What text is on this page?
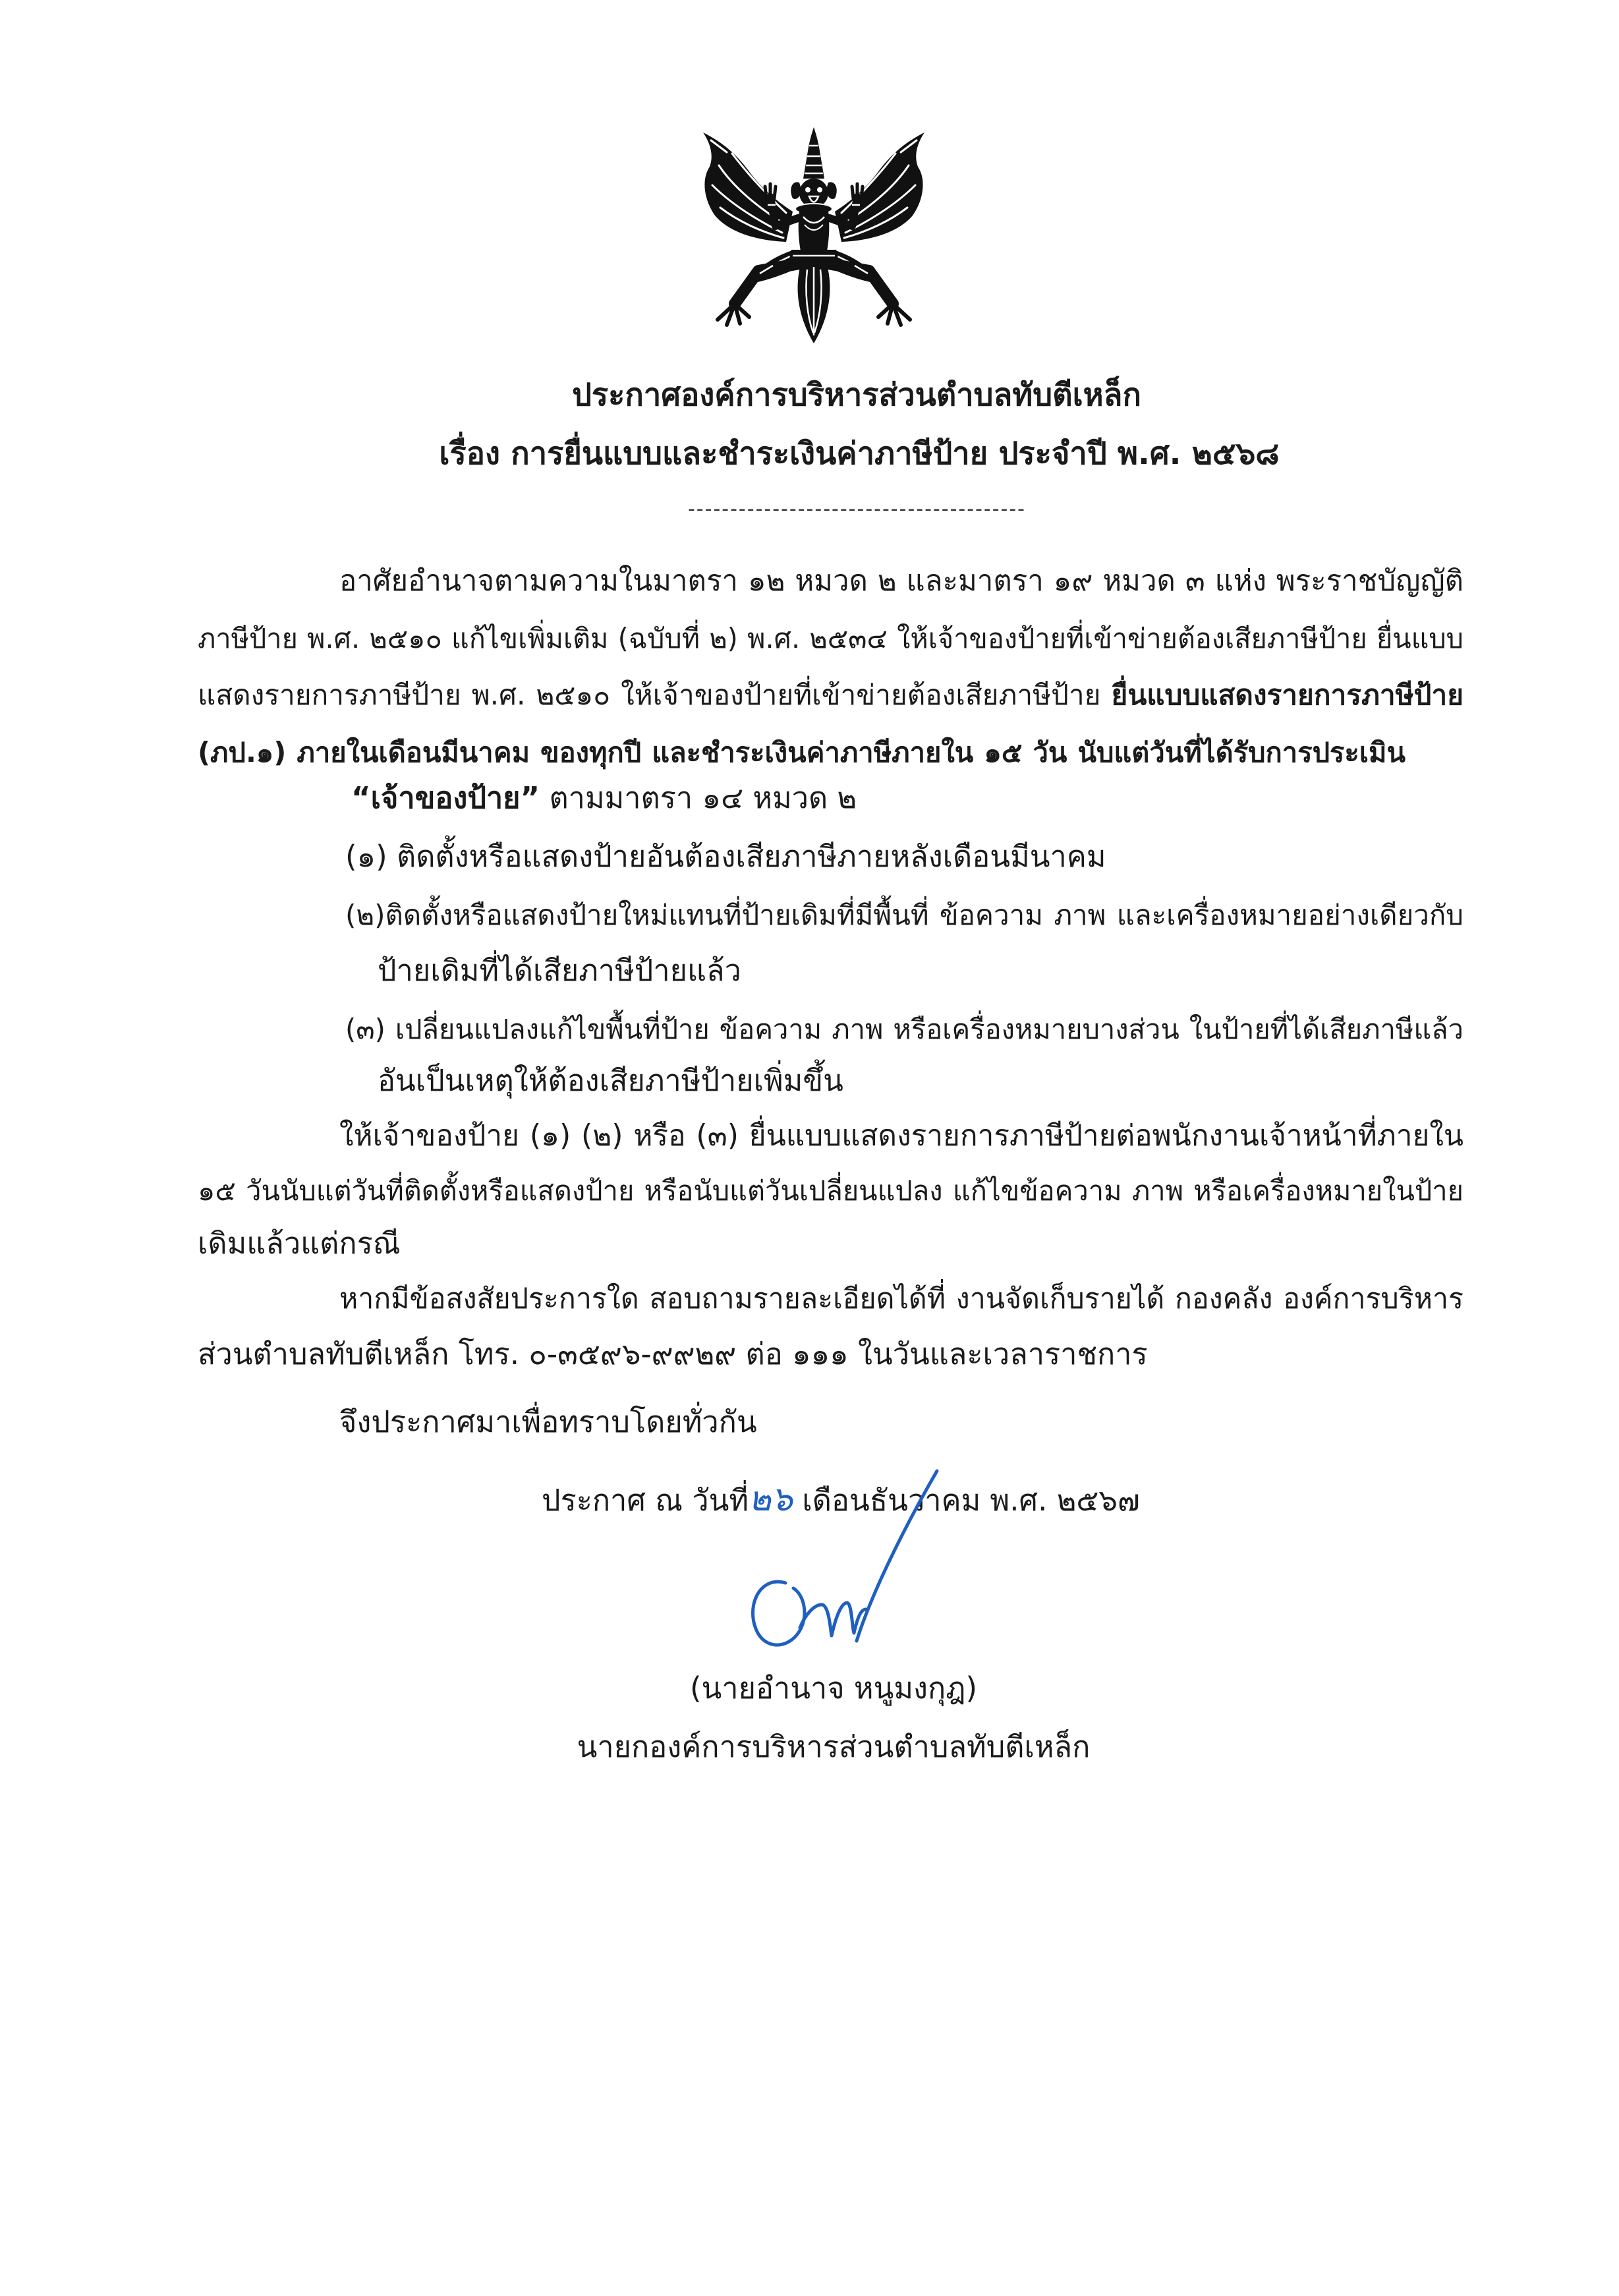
ประกาศองค์การบริหารส่วนตำบลทับตีเหล็ก
เรื่อง การยื่นแบบและชำระเงินค่าภาษีป้าย ประจำปี พ.ศ. ๒๕๖๘
----------------------------------------
อาศัยอำนาจตามความในมาตรา ๑๒ หมวด ๒ และมาตรา ๑๙ หมวด ๓ แห่ง พระราชบัญญัติ
ภาษีป้าย พ.ศ. ๒๕๑๐ แก้ไขเพิ่มเติม (ฉบับที่ ๒) พ.ศ. ๒๕๓๔ ให้เจ้าของป้ายที่เข้าข่ายต้องเสียภาษีป้าย ยื่นแบบ
แสดงรายการภาษีป้าย พ.ศ. ๒๕๑๐ ให้เจ้าของป้ายที่เข้าข่ายต้องเสียภาษีป้าย ยื่นแบบแสดงรายการภาษีป้าย
(ภป.๑) ภายในเดือนมีนาคม ของทุกปี และชำระเงินค่าภาษีภายใน ๑๕ วัน นับแต่วันที่ได้รับการประเมิน
“เจ้าของป้าย” ตามมาตรา ๑๔ หมวด ๒
(๑) ติดตั้งหรือแสดงป้ายอันต้องเสียภาษีภายหลังเดือนมีนาคม
(๒)ติดตั้งหรือแสดงป้ายใหม่แทนที่ป้ายเดิมที่มีพื้นที่ ข้อความ ภาพ และเครื่องหมายอย่างเดียวกับ
ป้ายเดิมที่ได้เสียภาษีป้ายแล้ว
(๓) เปลี่ยนแปลงแก้ไขพื้นที่ป้าย ข้อความ ภาพ หรือเครื่องหมายบางส่วน ในป้ายที่ได้เสียภาษีแล้ว
อันเป็นเหตุให้ต้องเสียภาษีป้ายเพิ่มขึ้น
ให้เจ้าของป้าย (๑) (๒) หรือ (๓) ยื่นแบบแสดงรายการภาษีป้ายต่อพนักงานเจ้าหน้าที่ภายใน
๑๕ วันนับแต่วันที่ติดตั้งหรือแสดงป้าย หรือนับแต่วันเปลี่ยนแปลง แก้ไขข้อความ ภาพ หรือเครื่องหมายในป้าย
เดิมแล้วแต่กรณี
หากมีข้อสงสัยประการใด สอบถามรายละเอียดได้ที่ งานจัดเก็บรายได้ กองคลัง องค์การบริหาร
ส่วนตำบลทับตีเหล็ก โทร. ๐-๓๕๙๖-๙๙๒๙ ต่อ ๑๑๑ ในวันและเวลาราชการ
จึงประกาศมาเพื่อทราบโดยทั่วกัน
ประกาศ ณ วันที่๒๖ เดือนธันวาคม พ.ศ. ๒๕๖๗
(นายอำนาจ หนูมงกุฎ)
นายกองค์การบริหารส่วนตำบลทับตีเหล็ก
